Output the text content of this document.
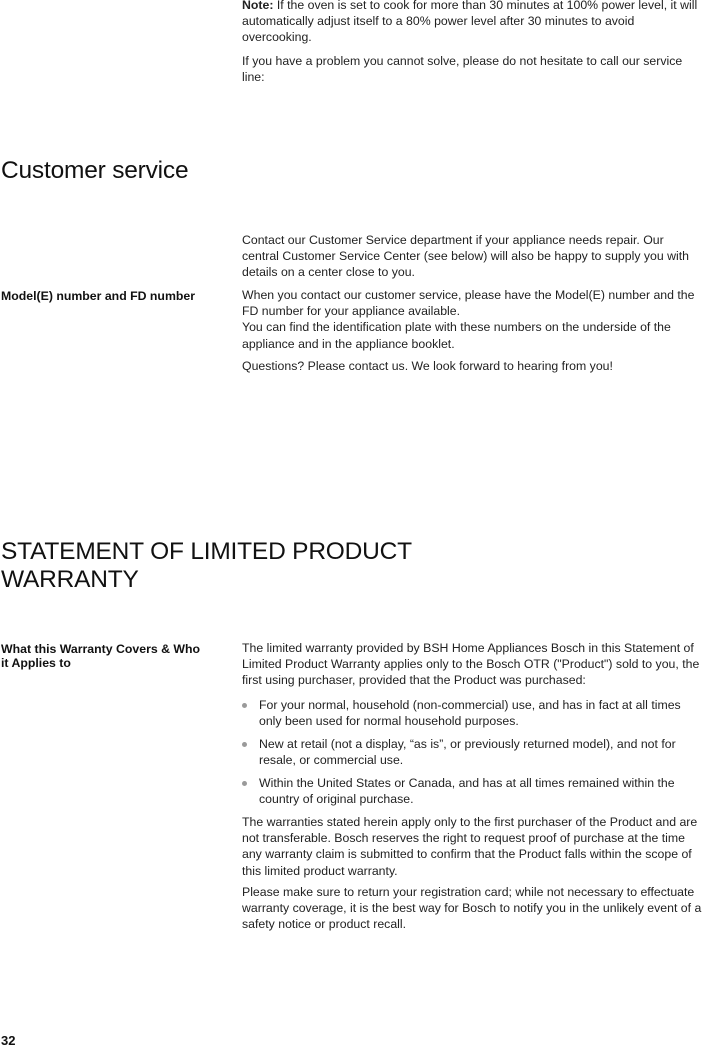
Note: If the oven is set to cook for more than 30 minutes at 100% power level, it will
automatically adjust itself to a 80% power level after 30 minutes to avoid
overcooking.
If you have a problem you cannot solve, please do not hesitate to call our service
line:
Customer service
Contact our Customer Service department if your appliance needs repair. Our
central Customer Service Center (see below) will also be happy to supply you with
details on a center close to you.
Model(E) number and FD number	When you contact our customer service, please have the Model(E) number and the
FD number for your appliance available.
You can find the identification plate with these numbers on the underside of the
appliance and in the appliance booklet.
Questions? Please contact us. We look forward to hearing from you!
STATEMENT OF LIMITED PRODUCT
WARRANTY
What this Warranty Covers & Who
it Applies to
The limited warranty provided by BSH Home Appliances Bosch in this Statement of
Limited Product Warranty applies only to the Bosch OTR ("Product") sold to you, the
first using purchaser, provided that the Product was purchased:
For your normal, household (non-commercial) use, and has in fact at all times
only been used for normal household purposes.
New at retail (not a display, “as is”, or previously returned model), and not for
resale, or commercial use.
Within the United States or Canada, and has at all times remained within the
country of original purchase.
The warranties stated herein apply only to the first purchaser of the Product and are
not transferable. Bosch reserves the right to request proof of purchase at the time
any warranty claim is submitted to confirm that the Product falls within the scope of
this limited product warranty.
Please make sure to return your registration card; while not necessary to effectuate
warranty coverage, it is the best way for Bosch to notify you in the unlikely event of a
safety notice or product recall.
32
